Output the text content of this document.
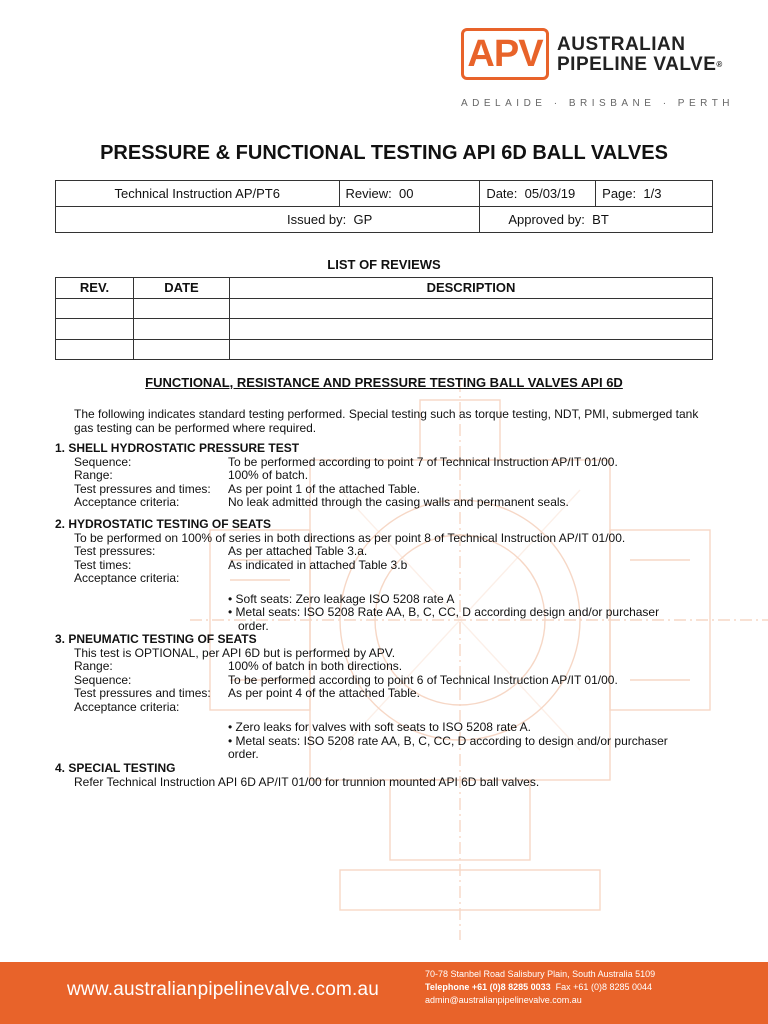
APV AUSTRALIAN
PIPELINE VALVE®
ADELAIDE · BRISBANE · PERTH
PRESSURE & FUNCTIONAL TESTING API 6D BALL VALVES
Technical Instruction AP/PT6	Review: 00	Date: 05/03/19	Page: 1/3
Issued by: GP		Approved by: BT	
LIST OF REVIEWS
REV.	DATE	DESCRIPTION

FUNCTIONAL, RESISTANCE AND PRESSURE TESTING BALL VALVES API 6D
The following indicates standard testing performed. Special testing such as torque testing, NDT, PMI, submerged tank gas testing can be performed where required.
1. SHELL HYDROSTATIC PRESSURE TEST
Sequence:	To be performed according to point 7 of Technical Instruction AP/IT 01/00.
Range:	100% of batch.
Test pressures and times:	As per point 1 of the attached Table.
Acceptance criteria:	No leak admitted through the casing walls and permanent seals.
2. HYDROSTATIC TESTING OF SEATS
To be performed on 100% of series in both directions as per point 8 of Technical Instruction AP/IT 01/00.
Test pressures:	As per attached Table 3.a.
Test times:	As indicated in attached Table 3.b
Acceptance criteria:
• Soft seats: Zero leakage ISO 5208 rate A
• Metal seats: ISO 5208 Rate AA, B, C, CC, D according design and/or purchaser
order.
3. PNEUMATIC TESTING OF SEATS
This test is OPTIONAL, per API 6D but is performed by APV.
Range:	100% of batch in both directions.
Sequence:	To be performed according to point 6 of Technical Instruction AP/IT 01/00.
Test pressures and times:	As per point 4 of the attached Table.
Acceptance criteria:
• Zero leaks for valves with soft seats to ISO 5208 rate A.
• Metal seats: ISO 5208 rate AA, B, C, CC, D according to design and/or purchaser
order.
4. SPECIAL TESTING
Refer Technical Instruction API 6D AP/IT 01/00 for trunnion mounted API 6D ball valves.
www.australianpipelinevalve.com.au
70-78 Stanbel Road Salisbury Plain, South Australia 5109
Telephone +61 (0)8 8285 0033 Fax +61 (0)8 8285 0044
admin@australianpipelinevalve.com.au
